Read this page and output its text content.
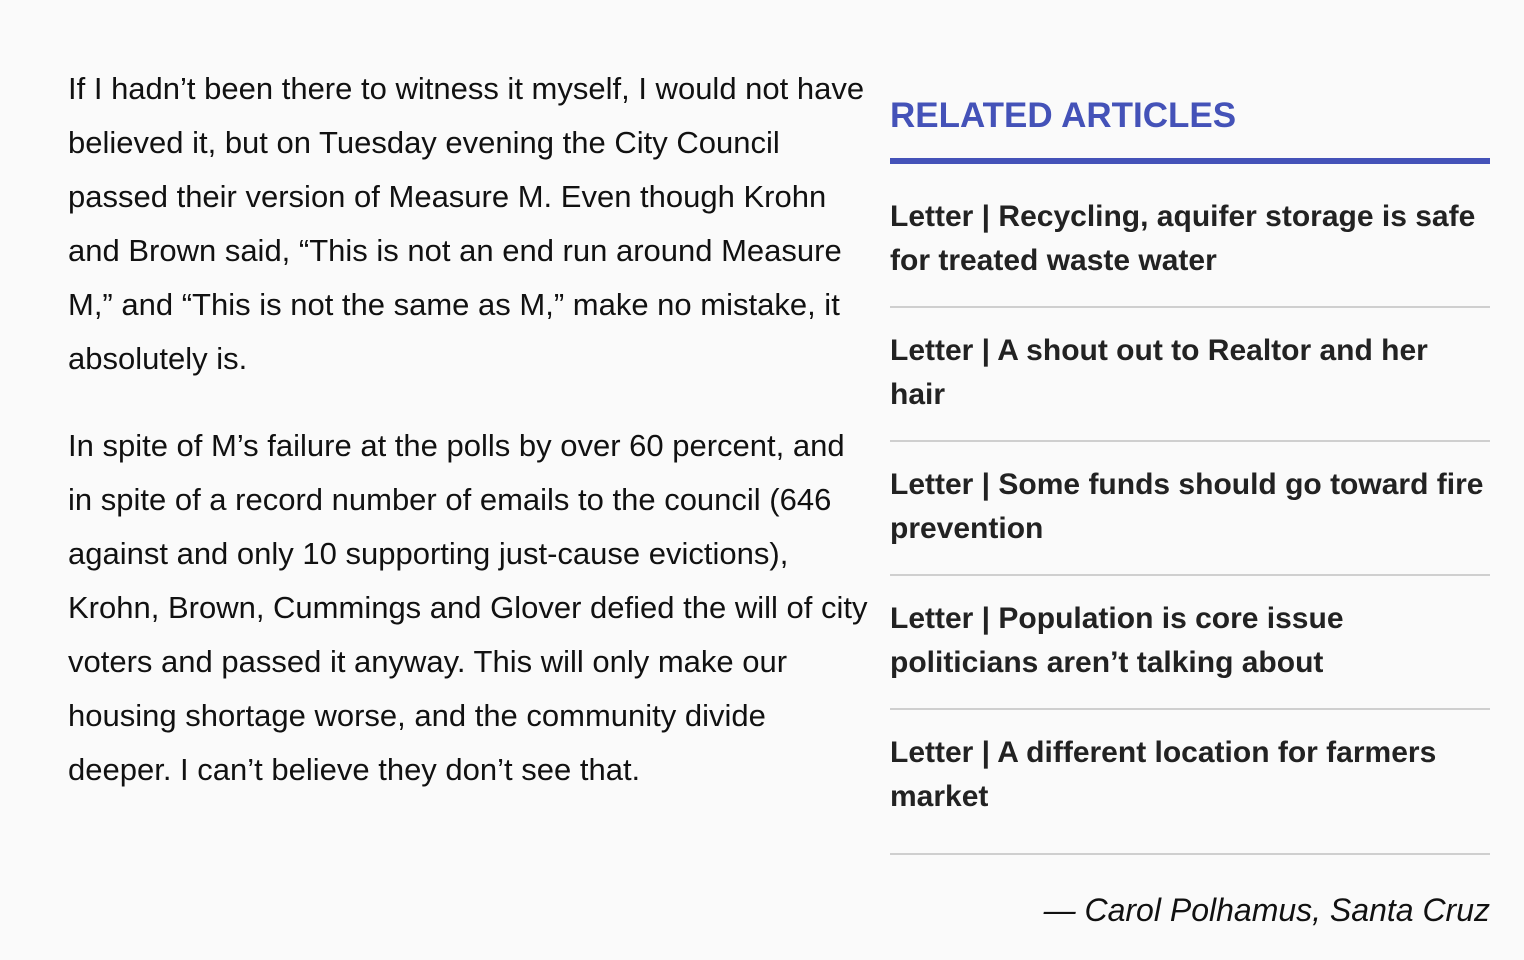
If I hadn’t been there to witness it myself, I would not have believed it, but on Tuesday evening the City Council passed their version of Measure M. Even though Krohn and Brown said, “This is not an end run around Measure M,” and “This is not the same as M,” make no mistake, it absolutely is.

In spite of M’s failure at the polls by over 60 percent, and in spite of a record number of emails to the council (646 against and only 10 supporting just-cause evictions), Krohn, Brown, Cummings and Glover defied the will of city voters and passed it anyway. This will only make our housing shortage worse, and the community divide deeper. I can’t believe they don’t see that.

RELATED ARTICLES
Letter | Recycling, aquifer storage is safe for treated waste water
Letter | A shout out to Realtor and her hair
Letter | Some funds should go toward fire prevention
Letter | Population is core issue politicians aren’t talking about
Letter | A different location for farmers market
— Carol Polhamus, Santa Cruz
